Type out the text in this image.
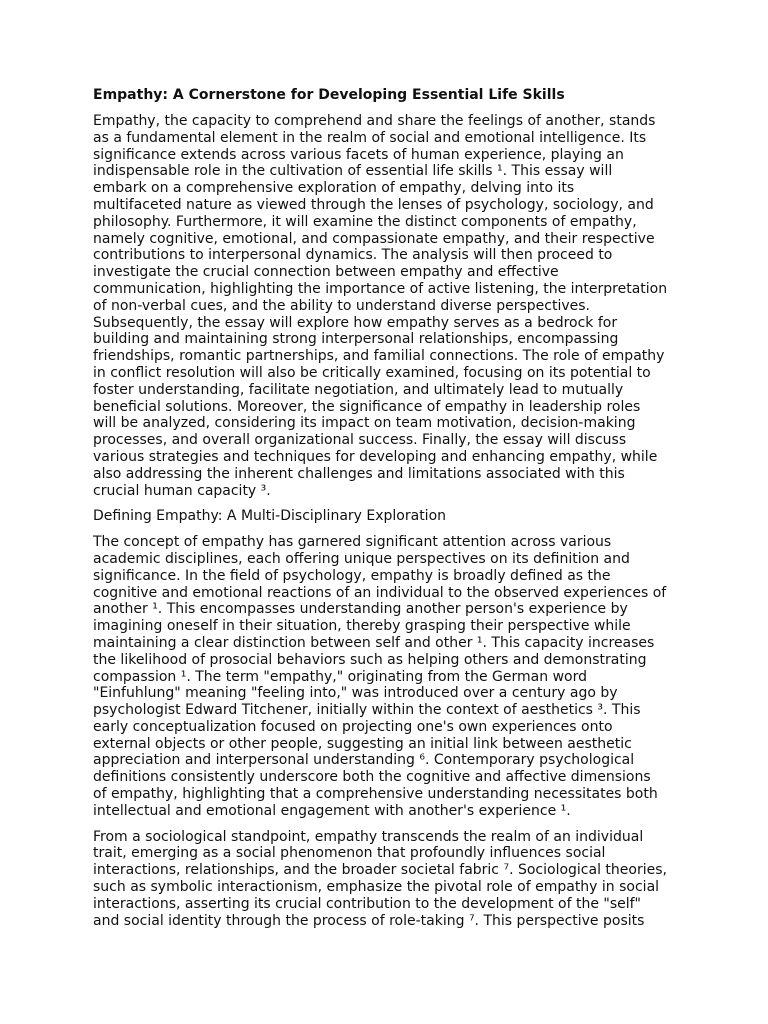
Empathy: A Cornerstone for Developing Essential Life Skills
Empathy, the capacity to comprehend and share the feelings of another, stands
as a fundamental element in the realm of social and emotional intelligence. Its
significance extends across various facets of human experience, playing an
indispensable role in the cultivation of essential life skills ¹. This essay will
embark on a comprehensive exploration of empathy, delving into its
multifaceted nature as viewed through the lenses of psychology, sociology, and
philosophy. Furthermore, it will examine the distinct components of empathy,
namely cognitive, emotional, and compassionate empathy, and their respective
contributions to interpersonal dynamics. The analysis will then proceed to
investigate the crucial connection between empathy and effective
communication, highlighting the importance of active listening, the interpretation
of non-verbal cues, and the ability to understand diverse perspectives.
Subsequently, the essay will explore how empathy serves as a bedrock for
building and maintaining strong interpersonal relationships, encompassing
friendships, romantic partnerships, and familial connections. The role of empathy
in conflict resolution will also be critically examined, focusing on its potential to
foster understanding, facilitate negotiation, and ultimately lead to mutually
beneficial solutions. Moreover, the significance of empathy in leadership roles
will be analyzed, considering its impact on team motivation, decision-making
processes, and overall organizational success. Finally, the essay will discuss
various strategies and techniques for developing and enhancing empathy, while
also addressing the inherent challenges and limitations associated with this
crucial human capacity ³.
Defining Empathy: A Multi-Disciplinary Exploration
The concept of empathy has garnered significant attention across various
academic disciplines, each offering unique perspectives on its definition and
significance. In the field of psychology, empathy is broadly defined as the
cognitive and emotional reactions of an individual to the observed experiences of
another ¹. This encompasses understanding another person's experience by
imagining oneself in their situation, thereby grasping their perspective while
maintaining a clear distinction between self and other ¹. This capacity increases
the likelihood of prosocial behaviors such as helping others and demonstrating
compassion ¹. The term "empathy," originating from the German word
"Einfuhlung" meaning "feeling into," was introduced over a century ago by
psychologist Edward Titchener, initially within the context of aesthetics ³. This
early conceptualization focused on projecting one's own experiences onto
external objects or other people, suggesting an initial link between aesthetic
appreciation and interpersonal understanding ⁶. Contemporary psychological
definitions consistently underscore both the cognitive and affective dimensions
of empathy, highlighting that a comprehensive understanding necessitates both
intellectual and emotional engagement with another's experience ¹.
From a sociological standpoint, empathy transcends the realm of an individual
trait, emerging as a social phenomenon that profoundly influences social
interactions, relationships, and the broader societal fabric ⁷. Sociological theories,
such as symbolic interactionism, emphasize the pivotal role of empathy in social
interactions, asserting its crucial contribution to the development of the "self"
and social identity through the process of role-taking ⁷. This perspective posits
